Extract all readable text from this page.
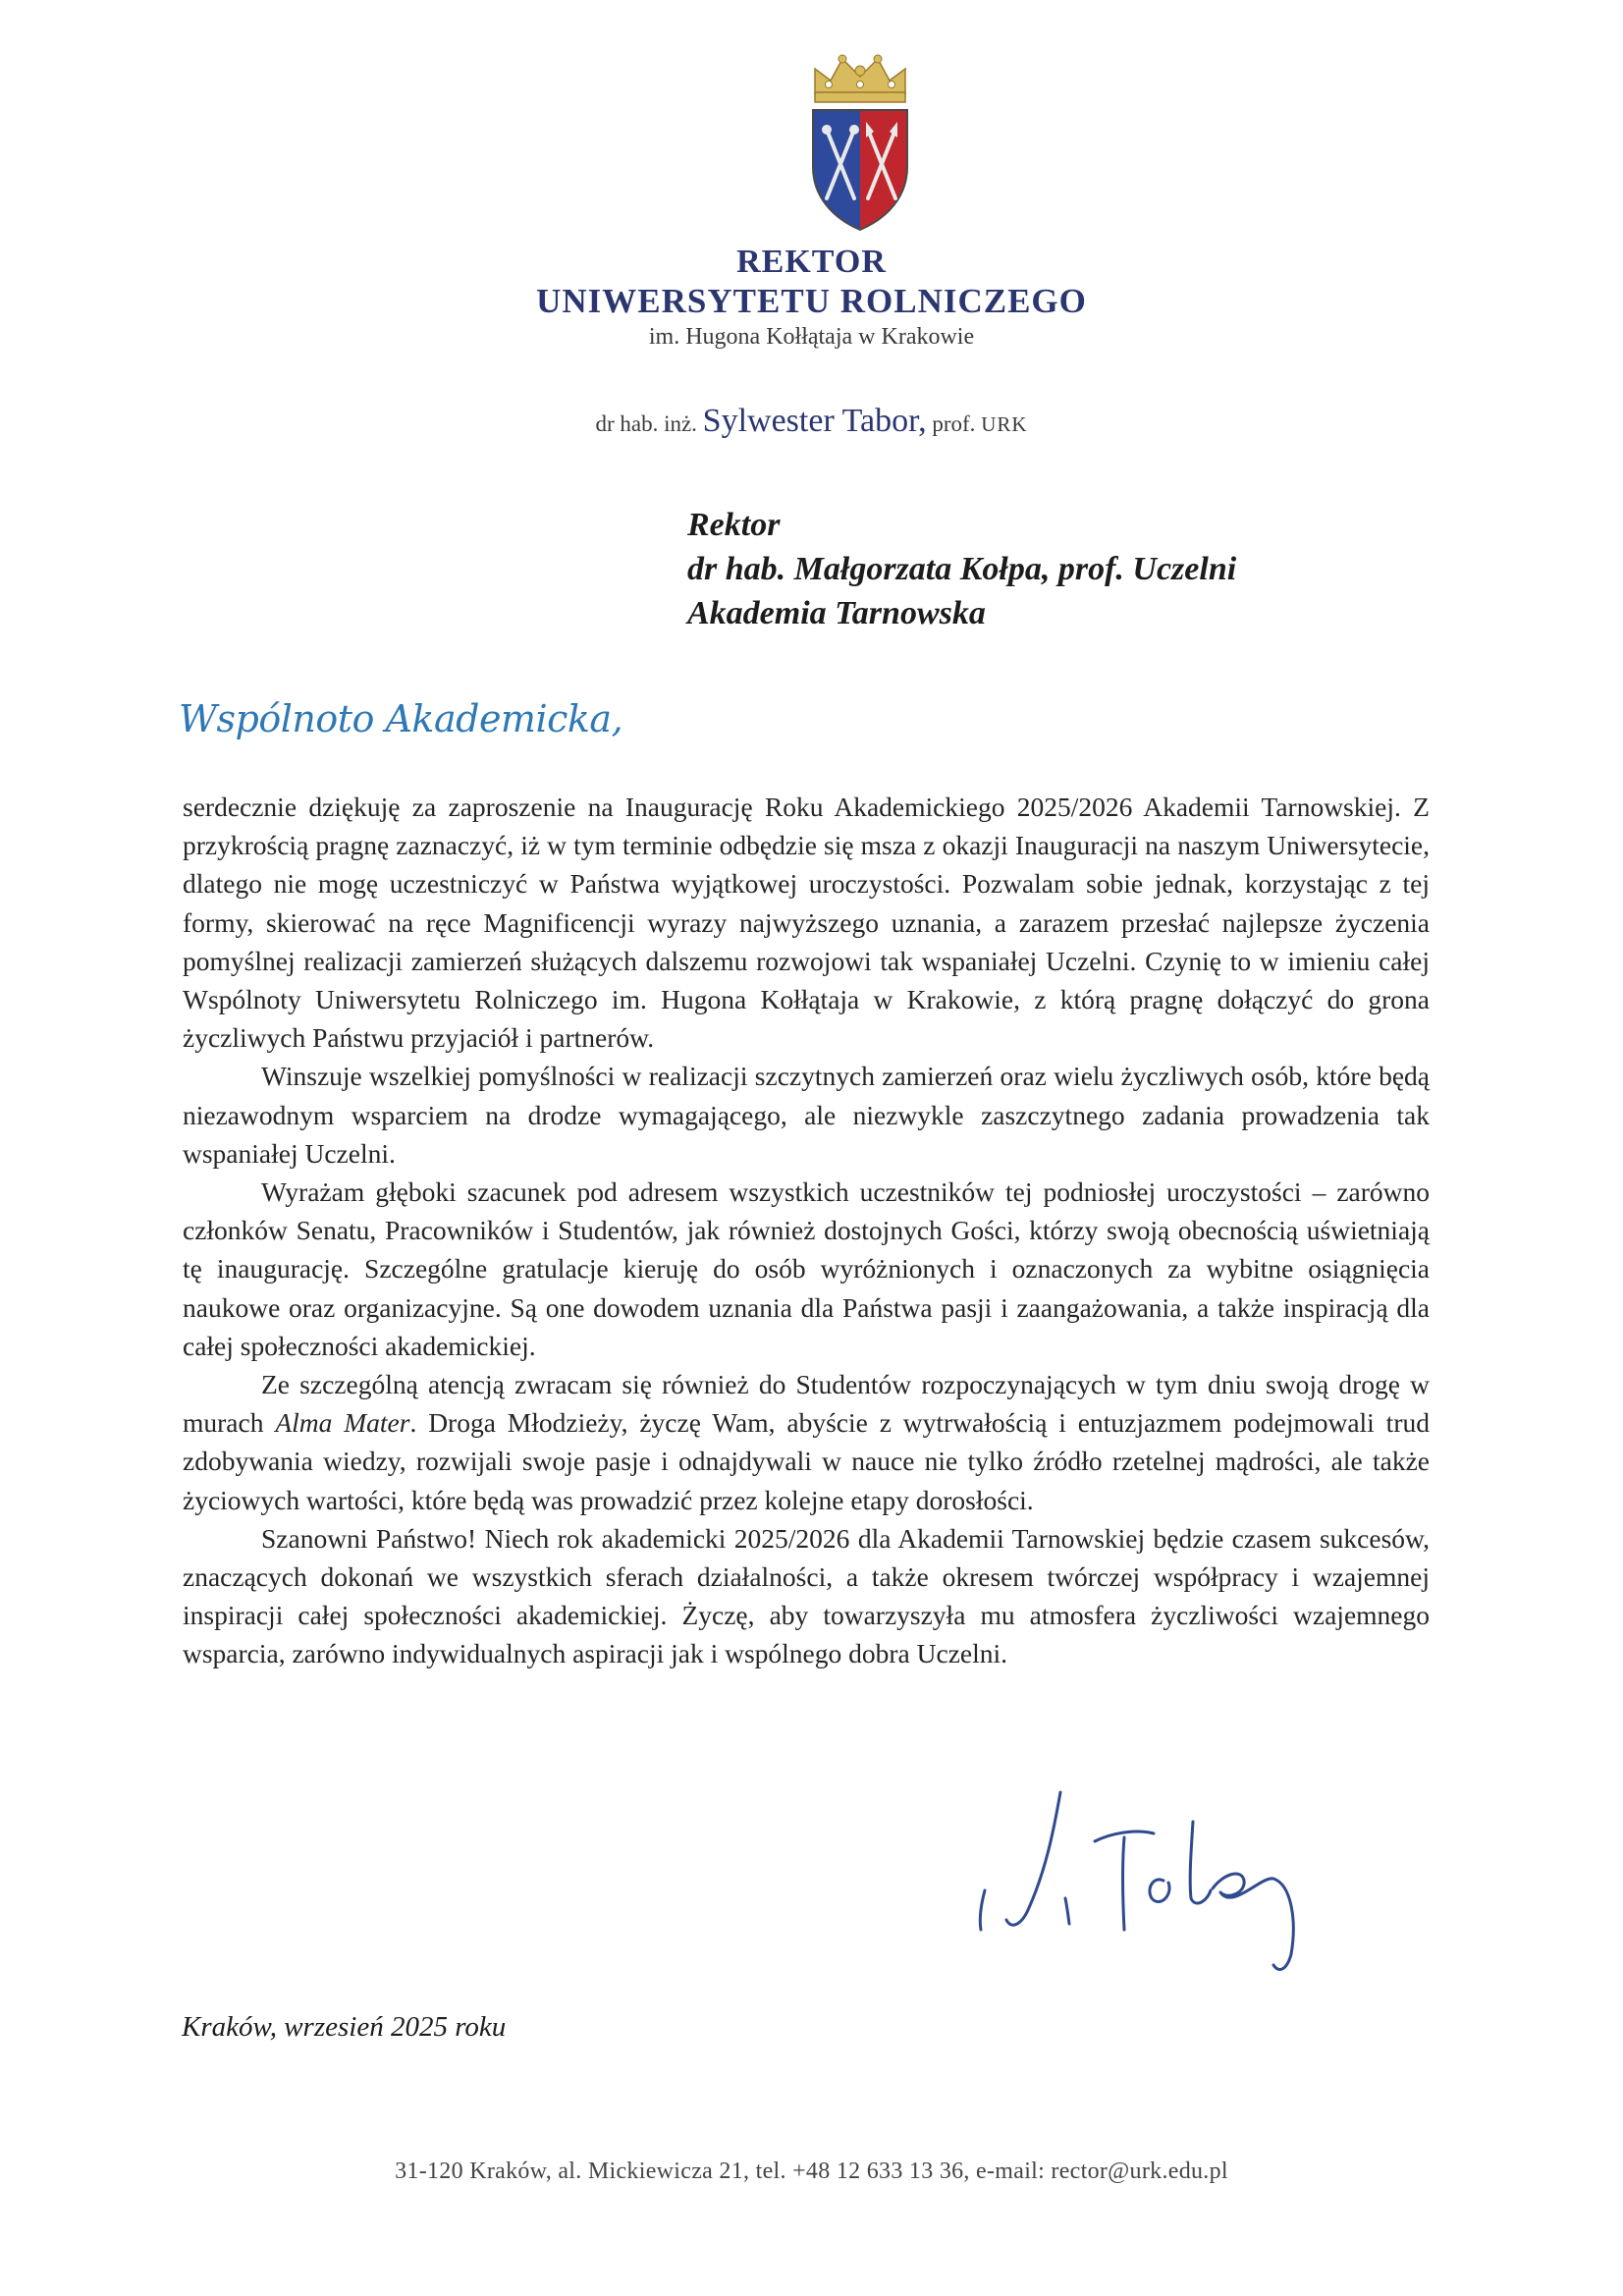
REKTOR
UNIWERSYTETU ROLNICZEGO
im. Hugona Kołłątaja w Krakowie
dr hab. inż. Sylwester Tabor, prof. URK
Rektor
dr hab. Małgorzata Kołpa, prof. Uczelni
Akademia Tarnowska
Wspólnoto Akademicka,

serdecznie dziękuję za zaproszenie na Inaugurację Roku Akademickiego 2025/2026 Akademii Tarnowskiej. Z przykrością pragnę zaznaczyć, iż w tym terminie odbędzie się msza z okazji Inauguracji na naszym Uniwersytecie, dlatego nie mogę uczestniczyć w Państwa wyjątkowej uroczystości. Pozwalam sobie jednak, korzystając z tej formy, skierować na ręce Magnificencji wyrazy najwyższego uznania, a zarazem przesłać najlepsze życzenia pomyślnej realizacji zamierzeń służących dalszemu rozwojowi tak wspaniałej Uczelni. Czynię to w imieniu całej Wspólnoty Uniwersytetu Rolniczego im. Hugona Kołłątaja w Krakowie, z którą pragnę dołączyć do grona życzliwych Państwu przyjaciół i partnerów.

Winszuje wszelkiej pomyślności w realizacji szczytnych zamierzeń oraz wielu życzliwych osób, które będą niezawodnym wsparciem na drodze wymagającego, ale niezwykle zaszczytnego zadania prowadzenia tak wspaniałej Uczelni.

Wyrażam głęboki szacunek pod adresem wszystkich uczestników tej podniosłej uroczystości – zarówno członków Senatu, Pracowników i Studentów, jak również dostojnych Gości, którzy swoją obecnością uświetniają tę inaugurację. Szczególne gratulacje kieruję do osób wyróżnionych i oznaczonych za wybitne osiągnięcia naukowe oraz organizacyjne. Są one dowodem uznania dla Państwa pasji i zaangażowania, a także inspiracją dla całej społeczności akademickiej.

Ze szczególną atencją zwracam się również do Studentów rozpoczynających w tym dniu swoją drogę w murach Alma Mater. Droga Młodzieży, życzę Wam, abyście z wytrwałością i entuzjazmem podejmowali trud zdobywania wiedzy, rozwijali swoje pasje i odnajdywali w nauce nie tylko źródło rzetelnej mądrości, ale także życiowych wartości, które będą was prowadzić przez kolejne etapy dorosłości.

Szanowni Państwo! Niech rok akademicki 2025/2026 dla Akademii Tarnowskiej będzie czasem sukcesów, znaczących dokonań we wszystkich sferach działalności, a także okresem twórczej współpracy i wzajemnej inspiracji całej społeczności akademickiej. Życzę, aby towarzyszyła mu atmosfera życzliwości wzajemnego wsparcia, zarówno indywidualnych aspiracji jak i wspólnego dobra Uczelni.

Kraków, wrzesień 2025 roku
31-120 Kraków, al. Mickiewicza 21, tel. +48 12 633 13 36, e-mail: rector@urk.edu.pl
